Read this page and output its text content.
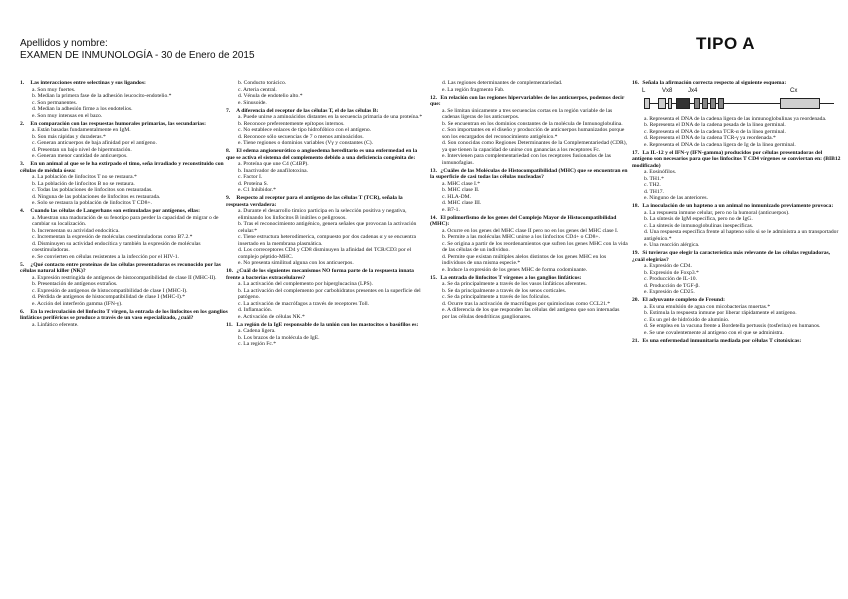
Apellidos y nombre:
EXAMEN DE INMUNOLOGÍA - 30 de Enero de 2015
TIPO A

1. Las interacciones entre selectinas y sus ligandos:

a. Son muy fuertes.
b. Median la primera fase de la adhesión leucocito-endotelio.*
c. Son permanentes.
d. Median la adhesión firme a los endotelios.
e. Son muy intensas en el bazo.

2. En comparación con las respuestas humorales primarias, las secundarias:

a. Están basadas fundamentalmente en IgM.
b. Son más rápidas y duraderas.*
c. Generan anticuerpos de baja afinidad por el antígeno.
d. Presentan un bajo nivel de hipermutación.
e. Generan menor cantidad de anticuerpos.

3. En un animal al que se le ha extirpado el timo, seña irradiado y reconstituido con células de médula ósea:

a. La población de linfocitos T no se restaura.*
b. La población de linfocitos B no se restaura.
c. Todas las poblaciones de linfocitos son restauradas.
d. Ninguna de las poblaciones de linfocitos es restaurada.
e. Solo se restaura la población de linfocitos T CD8+.

4. Cuando las células de Langerhans son estimuladas por antígenos, ellas:

a. Muestran una maduración de su fenotipo para perder la capacidad de migrar o de cambiar su localización.
b. Incrementan su actividad endocítica.
c. Incrementan la expresión de moléculas coestimuladoras como B7.2.*
d. Disminuyen su actividad endocítica y también la expresión de moléculas coestimuladoras.
e. Se convierten en células resistentes a la infección por el HIV-1.

5. ¿Qué contacto entre proteínas de las células presentadoras es reconocido por las células natural killer (NK)?

a. Expresión restringida de antígenos de histocompatibilidad de clase II (MHC-II).
b. Presentación de antígenos extraños.
c. Expresión de antígenos de histocompatibilidad de clase I (MHC-I).
d. Pérdida de antígenos de histocompatibilidad de clase I (MHC-I).*
e. Acción del interferón gamma (IFN-γ).

6. En la recirculación del linfocito T virgen, la entrada de los linfocitos en los ganglios linfáticos periféricos se produce a través de un vaso especializado, ¿cuál?

a. Linfático eferente.
b. Conducto torácico.
c. Arteria central.
d. Vénula de endotelio alto.*
e. Sinusoide.

7. A diferencia del receptor de las células T, el de las células B:

a. Puede unirse a aminoácidos distantes en la secuencia primaria de una proteína.*
b. Reconoce preferentemente epítopos internos.
c. No establece enlaces de tipo hidrofóbico con el antígeno.
d. Reconoce sólo secuencias de 7 o menos aminoácidos.
e. Tiene regiones o dominios variables (Vγ y constantes (C).

8. El edema angioneurótico o angioedema hereditario es una enfermedad en la que se activa el sistema del complemento debido a una deficiencia congénita de:

a. Proteína que une C4 (C4BP).
b. Inactivador de anafilotoxina.
c. Factor I.
d. Proteína S.
e. C1 Inhibidor.*

9. Respecto al receptor para el antígeno de las células T (TCR), señala la respuesta verdadera:

a. Durante el desarrollo tímico participa en la selección positiva y negativa, eliminando los linfocitos B inútiles o peligrosos.
b. Tras el reconocimiento antigénico, genera señales que provocan la activación celular.*
c. Tiene estructura heterodímerica, compuesto por dos cadenas α y se encuentra insertado en la membrana plasmática.
d. Los correceptores CD4 y CD8 disminuyen la afinidad del TCR/CD3 por el complejo péptido-MHC.
e. No presenta similitud alguna con los anticuerpos.

10. ¿Cuál de los siguientes mecanismos NO forma parte de la respuesta innata frente a bacterias extracelulares?

a. La activación del complemento por hiperglucacina (LPS).
b. La activación del complemento por carbohidratos presentes en la superficie del patógeno.
c. La activación de macrófagos a través de receptores Toll.
d. Inflamación.
e. Activación de células NK.*

11. La región de la IgE responsable de la unión con los mastocitos o basófilos es:

a. Cadena ligera.
b. Los brazos de la molécula de IgE.
c. La región Fc.*
d. Las regiones determinantes de complementariedad.
e. La región fragmento Fab.

12. En relación con las regiones hipervariables de los anticuerpos, podemos decir que:

a. Se limitan únicamente a tres secuencias cortas en la región variable de las cadenas ligeras de los anticuerpos.
b. Se encuentran en los dominios constantes de la molécula de Inmunoglobulina.
c. Son importantes en el diseño y producción de anticuerpos humanizados porque son los encargados del reconocimiento antigénico.*
d. Son conocidas como Regiones Determinantes de la Complementariedad (CDR), ya que tienen la capacidad de unirse con ganancias a los receptores Fc.
e. Intervienen para complementariedad con los receptores fusionados de las inmunofagias.

13. ¿Cuáles de las Moléculas de Histocompatibilidad (MHC) que se encuentran en la superficie de casi todas las células nucleadas?

a. MHC clase I.*
b. MHC clase II.
c. HLA-DM.
d. MHC clase III.
e. B7-1.

14. El polimorfismo de los genes del Complejo Mayor de Histocompatibilidad (MHC):

a. Ocurre en los genes del MHC clase II pero no en los genes del MHC clase I.
b. Permite a las moléculas MHC unirse a los linfocitos CD4+ o CD8+.
c. Se origina a partir de los reordenamientos que sufren los genes MHC con la vida de las células de un individuo.
d. Permite que existan múltiples alelos distintos de los genes MHC en los individuos de una misma especie.*
e. Induce la expresión de los genes MHC de forma codominante.

15. La entrada de linfocitos T vírgenes a los ganglios linfáticos:

a. Se da principalmente a través de los vasos linfáticos aferentes.
b. Se da principalmente a través de los senos corticales.
c. Se da principalmente a través de los folículos.
d. Ocurre tras la activación de macrófagos por quimiocinas como CCL21.*
e. A diferencia de los que responden las células del antígeno que son internadas por las células dendríticas ganglionares.

16. Señala la afirmación correcta respecto al siguiente esquema:

L	Vx8	Jx4	Cx
a. Representa el DNA de la cadena ligera de las inmunoglobulinas ya reordenada.
b. Representa el DNA de la cadena pesada de la línea germinal.
c. Representa el DNA de la cadena TCR-α de la línea germinal.
d. Representa el DNA de la cadena TCR-γ ya reordenada.*
e. Representa el DNA de la cadena ligera de Ig de la línea germinal.

17. La IL-12 y el IFN-γ (IFN-gamma) producidos por células presentadoras del antígeno son necesarios para que los linfocitos T CD4 vírgenes se conviertan en: (BIB12 modificado)

a. Eosinófilos.
b. TH1.*
c. TH2.
d. TH17.
e. Ninguno de las anteriores.

18. La inoculación de un hapteno a un animal no inmunizado previamente provoca:

a. La respuesta inmune celular, pero no la humoral (anticuerpos).
b. La síntesis de IgM específica, pero no de IgG.
c. La síntesis de inmunoglobulinas inespecíficas.
d. Una respuesta específica frente al hapteno sólo si se le administra a un transportador antigénico.*
e. Una reacción alérgica.

19. Si tuvieras que elegir la característica más relevante de las células reguladoras, ¿cuál elegirías?

a. Expresión de CD4.
b. Expresión de Foxp3.*
c. Producción de IL-10.
d. Producción de TGF-β.
e. Expresión de CD25.

20. El adyuvante completo de Freund:

a. Es una emulsión de agua con micobacterias muertas.*
b. Estimula la respuesta inmune por liberar rápidamente el antígeno.
c. Es un gel de hidróxido de aluminio.
d. Se emplea en la vacuna frente a Bordetella pertussis (tosferina) en humanos.
e. Se une covalentemente al antígeno con el que se administra.

21. Es una enfermedad inmunitaria mediada por células T citotóxicas:
